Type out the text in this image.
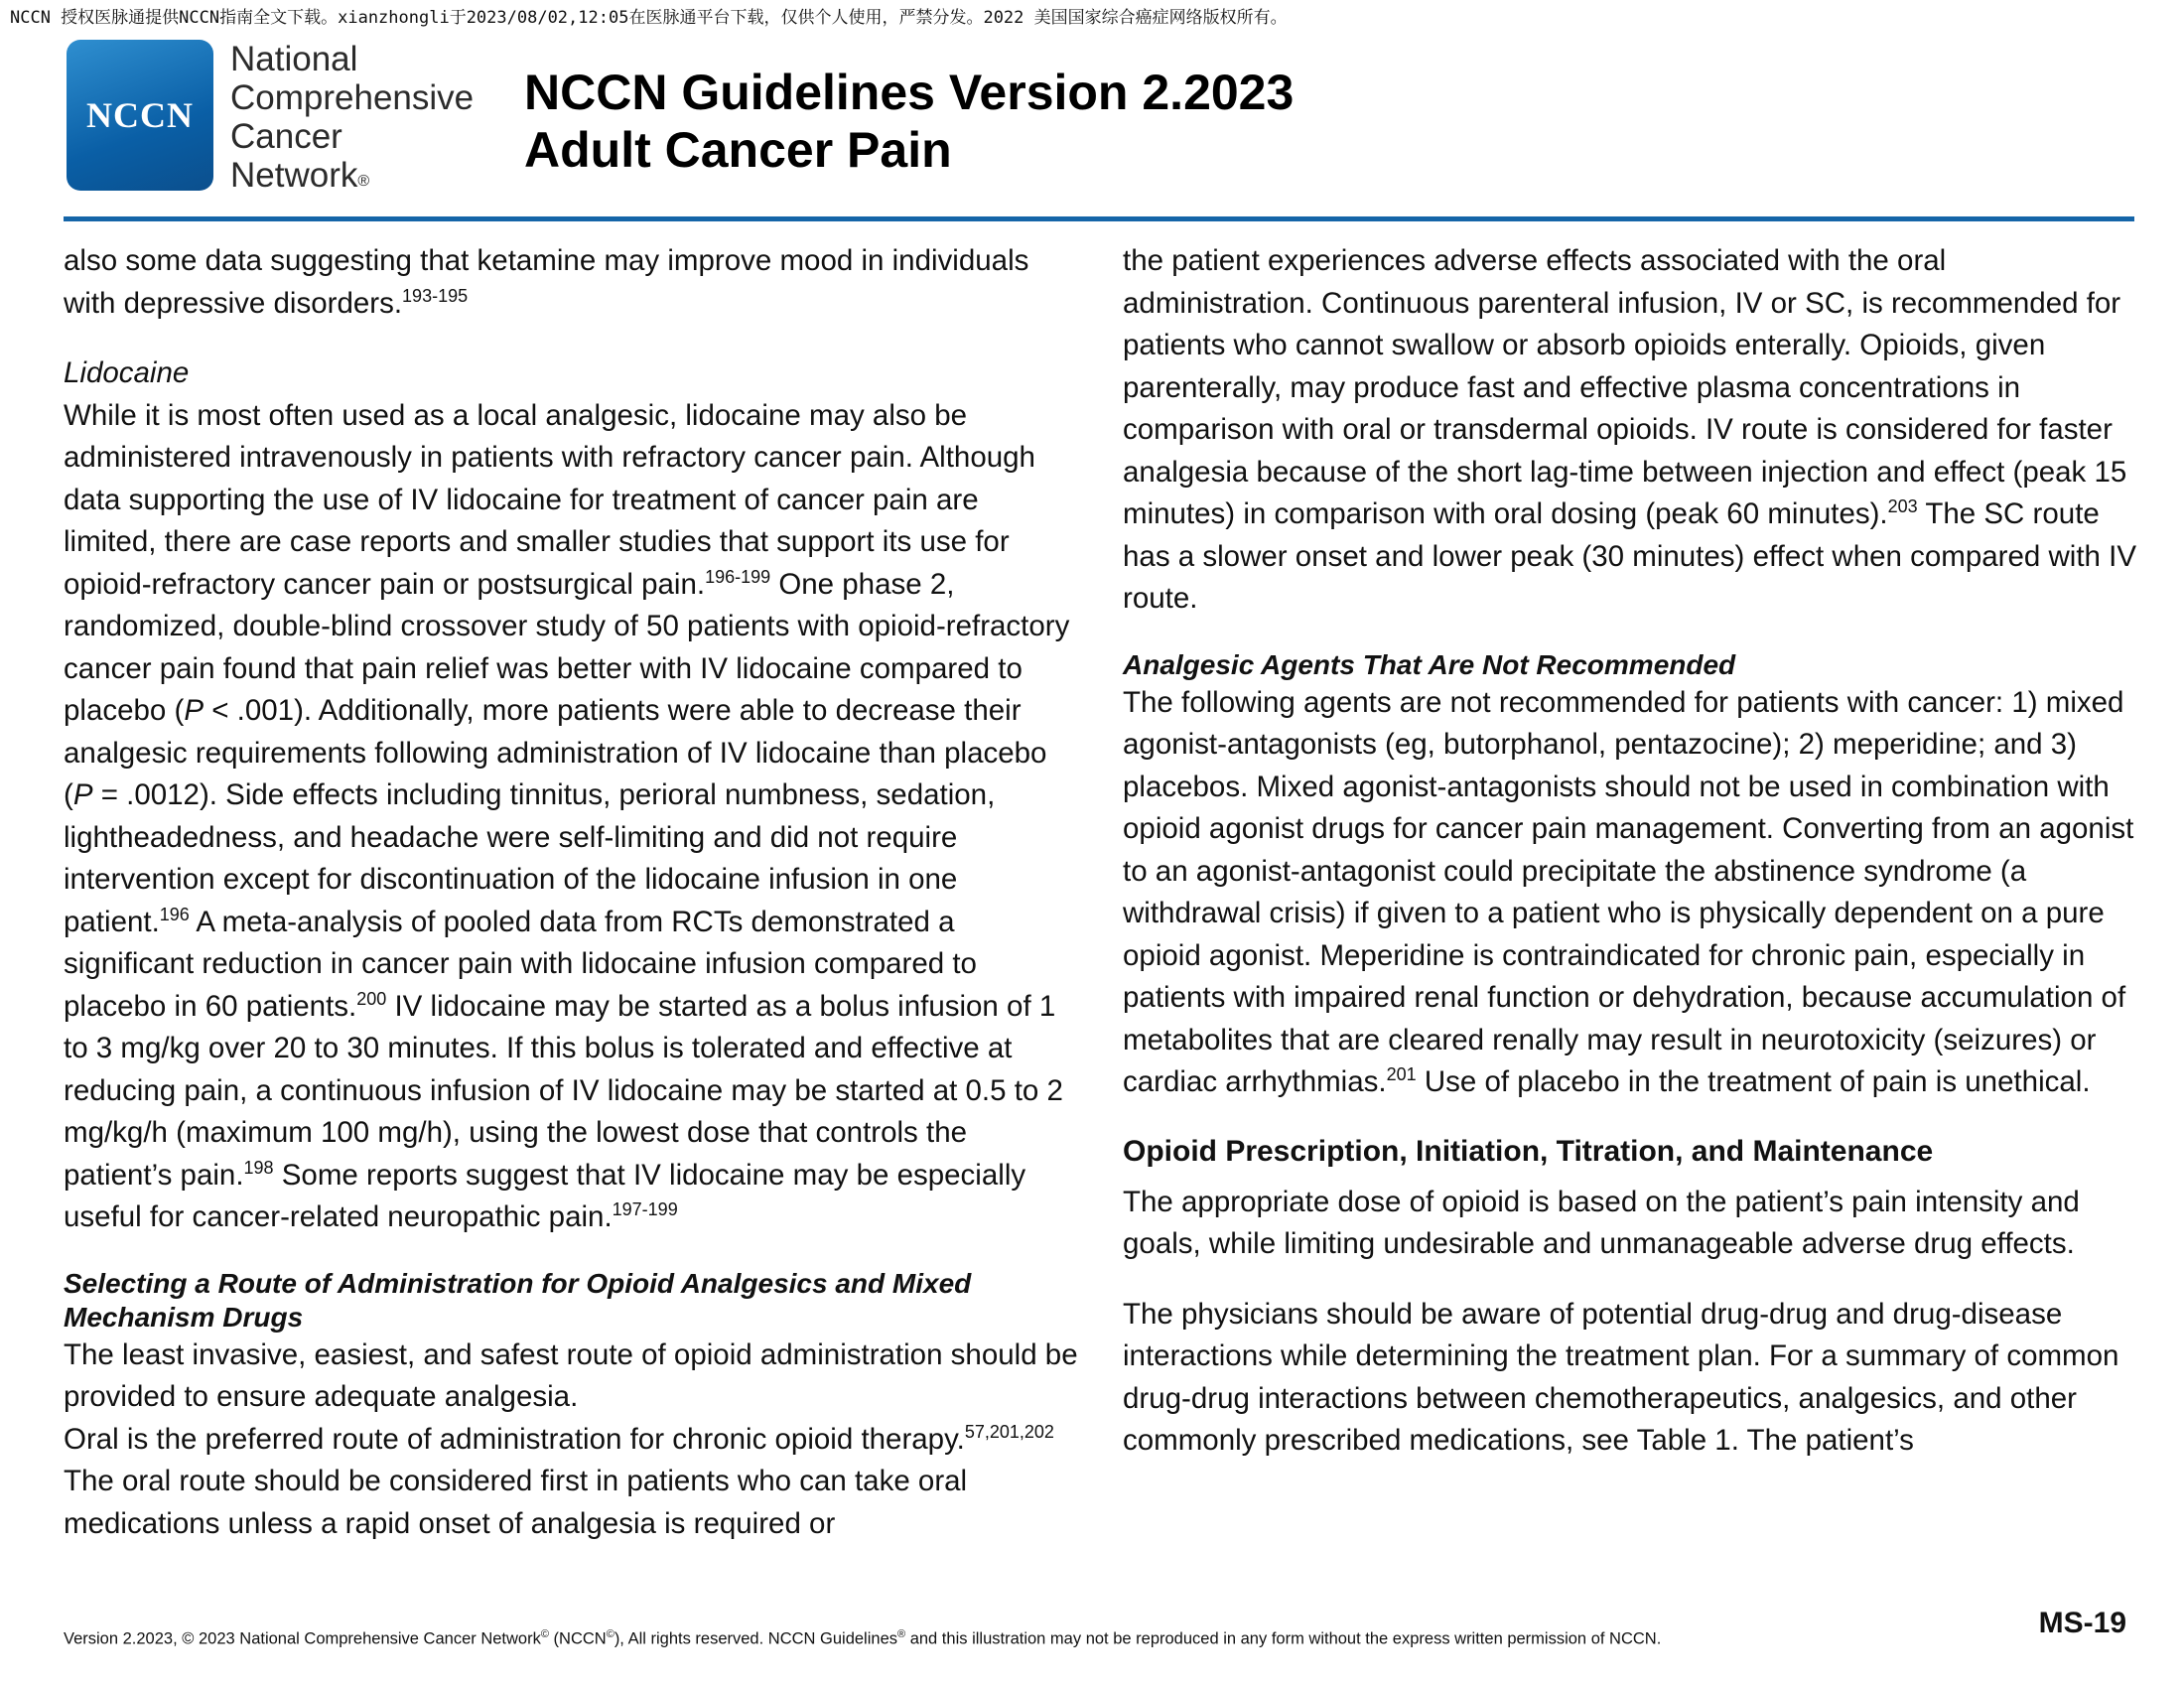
NCCN 授权医脉通提供NCCN指南全文下载。xianzhongli于2023/08/02,12:05在医脉通平台下载，仅供个人使用，严禁分发。2022 美国国家综合癌症网络版权所有。
NCCN
National
Comprehensive
Cancer
Network®
NCCN Guidelines Version 2.2023
Adult Cancer Pain

also some data suggesting that ketamine may improve mood in individuals with depressive disorders.$^{193-195}$

Lidocaine

While it is most often used as a local analgesic, lidocaine may also be administered intravenously in patients with refractory cancer pain. Although data supporting the use of IV lidocaine for treatment of cancer pain are limited, there are case reports and smaller studies that support its use for opioid-refractory cancer pain or postsurgical pain.$^{196-199}$ One phase 2, randomized, double-blind crossover study of 50 patients with opioid-refractory cancer pain found that pain relief was better with IV lidocaine compared to placebo (P < .001). Additionally, more patients were able to decrease their analgesic requirements following administration of IV lidocaine than placebo (P = .0012). Side effects including tinnitus, perioral numbness, sedation, lightheadedness, and headache were self-limiting and did not require intervention except for discontinuation of the lidocaine infusion in one patient.$^{196}$ A meta-analysis of pooled data from RCTs demonstrated a significant reduction in cancer pain with lidocaine infusion compared to placebo in 60 patients.$^{200}$ IV lidocaine may be started as a bolus infusion of 1 to 3 mg/kg over 20 to 30 minutes. If this bolus is tolerated and effective at reducing pain, a continuous infusion of IV lidocaine may be started at 0.5 to 2 mg/kg/h (maximum 100 mg/h), using the lowest dose that controls the patient’s pain.$^{198}$ Some reports suggest that IV lidocaine may be especially useful for cancer-related neuropathic pain.$^{197-199}$

Selecting a Route of Administration for Opioid Analgesics and Mixed Mechanism Drugs

The least invasive, easiest, and safest route of opioid administration should be provided to ensure adequate analgesia.

Oral is the preferred route of administration for chronic opioid therapy.$^{57,201,202}$ The oral route should be considered first in patients who can take oral medications unless a rapid onset of analgesia is required or

the patient experiences adverse effects associated with the oral administration. Continuous parenteral infusion, IV or SC, is recommended for patients who cannot swallow or absorb opioids enterally. Opioids, given parenterally, may produce fast and effective plasma concentrations in comparison with oral or transdermal opioids. IV route is considered for faster analgesia because of the short lag-time between injection and effect (peak 15 minutes) in comparison with oral dosing (peak 60 minutes).$^{203}$ The SC route has a slower onset and lower peak (30 minutes) effect when compared with IV route.

Analgesic Agents That Are Not Recommended

The following agents are not recommended for patients with cancer: 1) mixed agonist-antagonists (eg, butorphanol, pentazocine); 2) meperidine; and 3) placebos. Mixed agonist-antagonists should not be used in combination with opioid agonist drugs for cancer pain management. Converting from an agonist to an agonist-antagonist could precipitate the abstinence syndrome (a withdrawal crisis) if given to a patient who is physically dependent on a pure opioid agonist. Meperidine is contraindicated for chronic pain, especially in patients with impaired renal function or dehydration, because accumulation of metabolites that are cleared renally may result in neurotoxicity (seizures) or cardiac arrhythmias.$^{201}$ Use of placebo in the treatment of pain is unethical.

Opioid Prescription, Initiation, Titration, and Maintenance

The appropriate dose of opioid is based on the patient’s pain intensity and goals, while limiting undesirable and unmanageable adverse drug effects.

The physicians should be aware of potential drug-drug and drug-disease interactions while determining the treatment plan. For a summary of common drug-drug interactions between chemotherapeutics, analgesics, and other commonly prescribed medications, see Table 1. The patient’s

Version 2.2023, © 2023 National Comprehensive Cancer Network© (NCCN©), All rights reserved. NCCN Guidelines® and this illustration may not be reproduced in any form without the express written permission of NCCN.	MS-19
